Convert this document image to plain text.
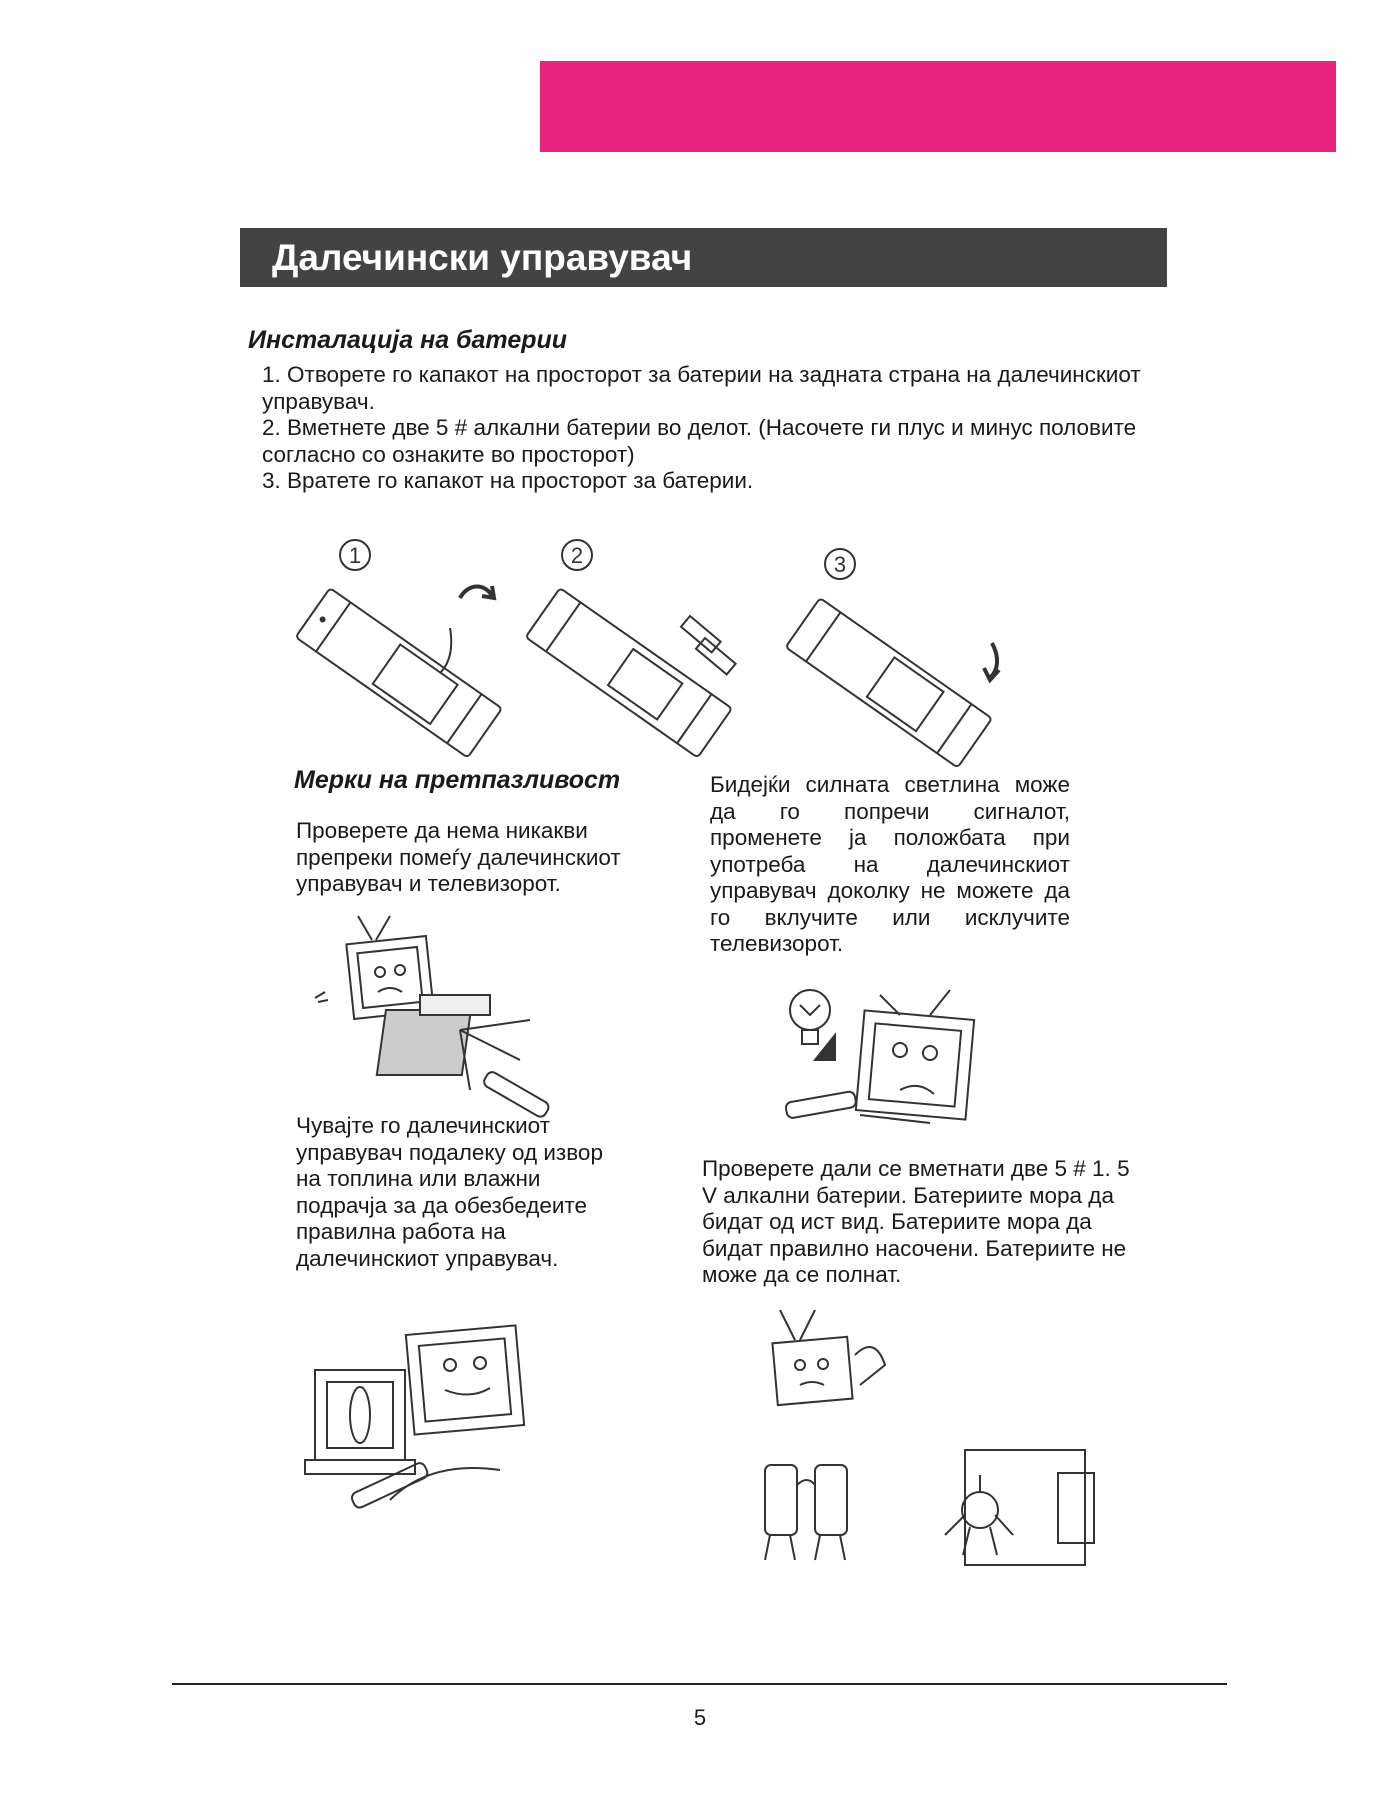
Далечински управувач
Инсталација на батерии

1. Отворете го капакот на просторот за батерии на задната страна на далечинскиот управувач.

2. Вметнете две 5 # алкални батерии во делот. (Насочете ги плус и минус половите согласно со ознаките во просторот)

3. Вратете го капакот на просторот за батерии.

1	2	3
Мерки на претпазливост
Проверете да нема никакви препреки помеѓу далечинскиот управувач и телевизорот.
Бидејќи силната светлина може да го попречи сигналот, променете ја положбата при употреба на далечинскиот управувач доколку не можете да го вклучите или исклучите телевизорот.
Чувајте го далечинскиот управувач подалеку од извор на топлина или влажни подрачја за да обезбедеите правилна работа на далечинскиот управувач.
Проверете дали се вметнати две 5 # 1. 5 V алкални батерии. Батериите мора да бидат од ист вид. Батериите мора да бидат правилно насочени. Батериите не може да се полнат.
5
